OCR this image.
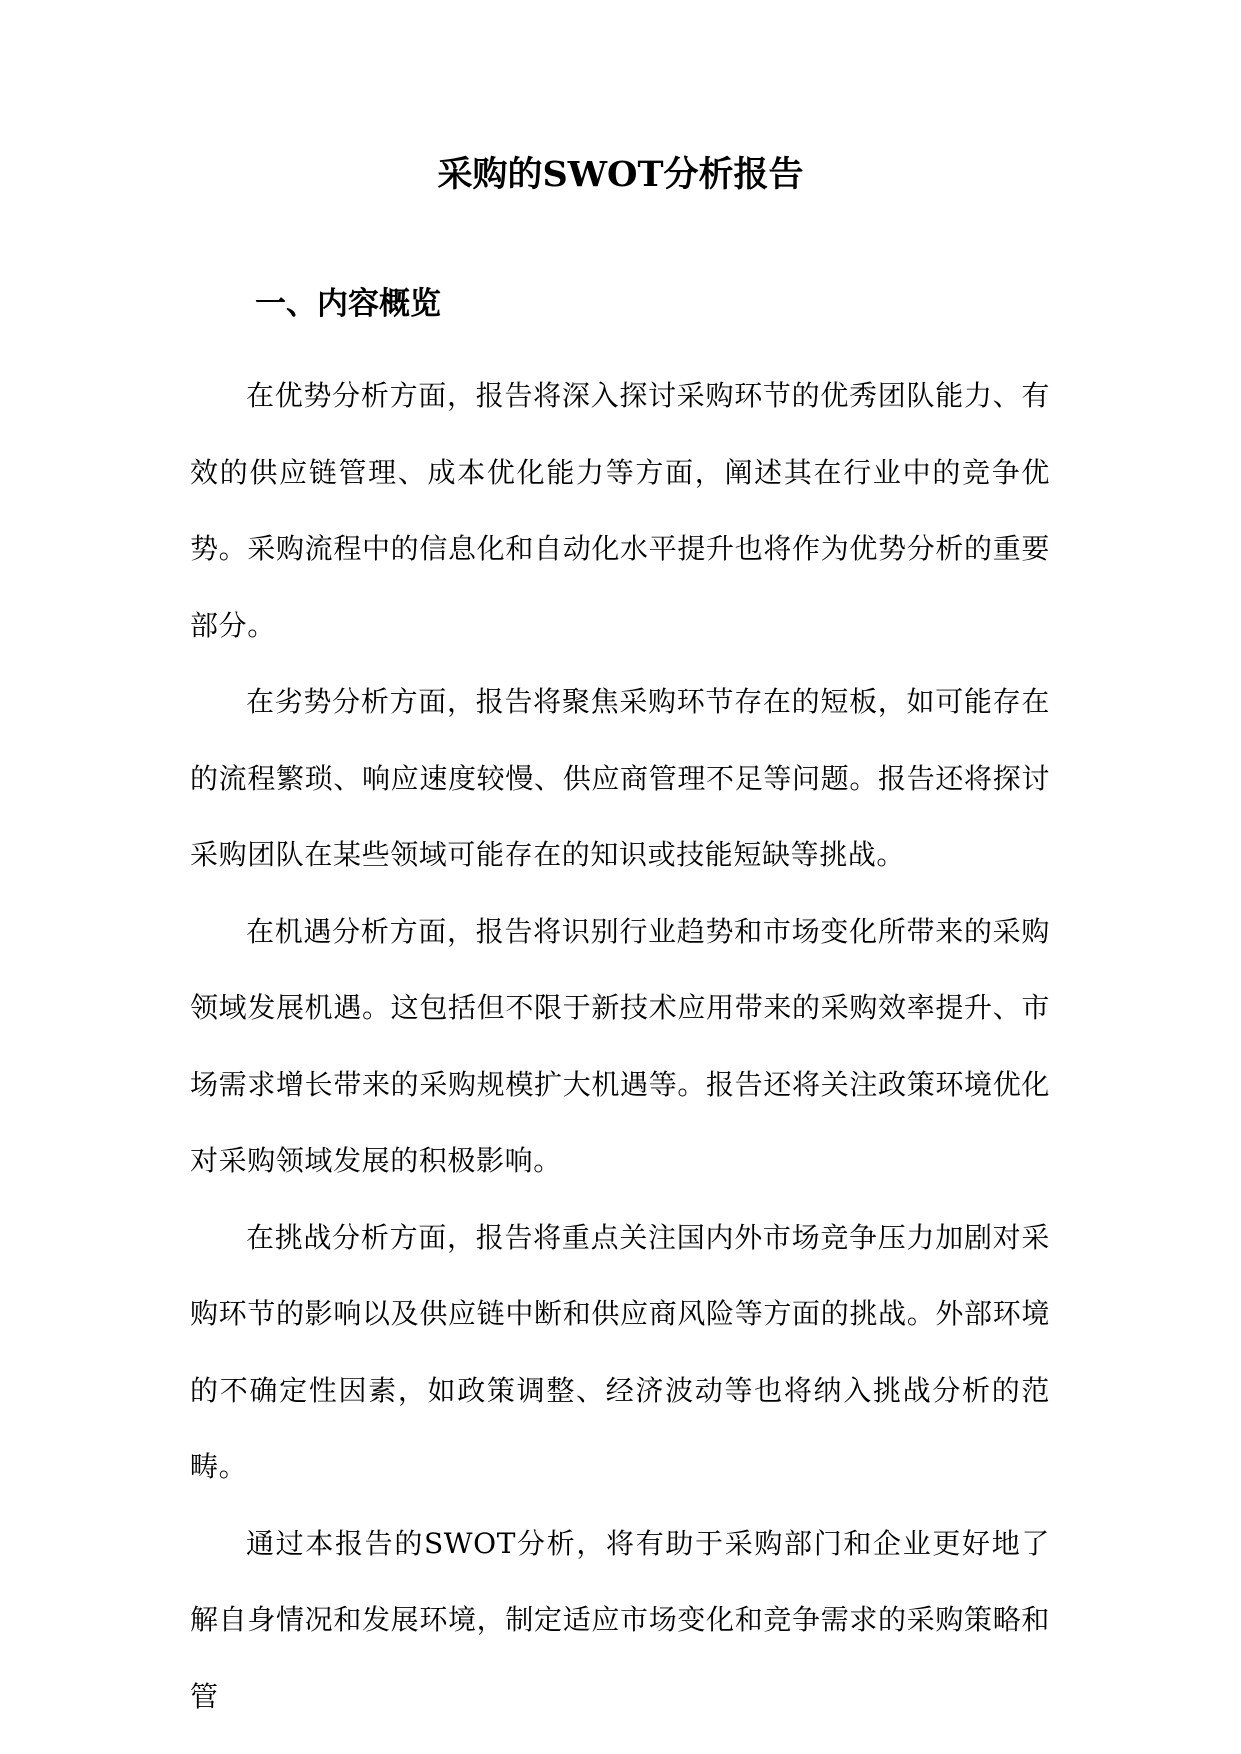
采购的SWOT分析报告
一、内容概览

在优势分析方面，报告将深入探讨采购环节的优秀团队能力、有效的供应链管理、成本优化能力等方面，阐述其在行业中的竞争优势。采购流程中的信息化和自动化水平提升也将作为优势分析的重要部分。

在劣势分析方面，报告将聚焦采购环节存在的短板，如可能存在的流程繁琐、响应速度较慢、供应商管理不足等问题。报告还将探讨采购团队在某些领域可能存在的知识或技能短缺等挑战。

在机遇分析方面，报告将识别行业趋势和市场变化所带来的采购领域发展机遇。这包括但不限于新技术应用带来的采购效率提升、市场需求增长带来的采购规模扩大机遇等。报告还将关注政策环境优化对采购领域发展的积极影响。

在挑战分析方面，报告将重点关注国内外市场竞争压力加剧对采购环节的影响以及供应链中断和供应商风险等方面的挑战。外部环境的不确定性因素，如政策调整、经济波动等也将纳入挑战分析的范畴。

通过本报告的SWOT分析，将有助于采购部门和企业更好地了解自身情况和发展环境，制定适应市场变化和竞争需求的采购策略和管
